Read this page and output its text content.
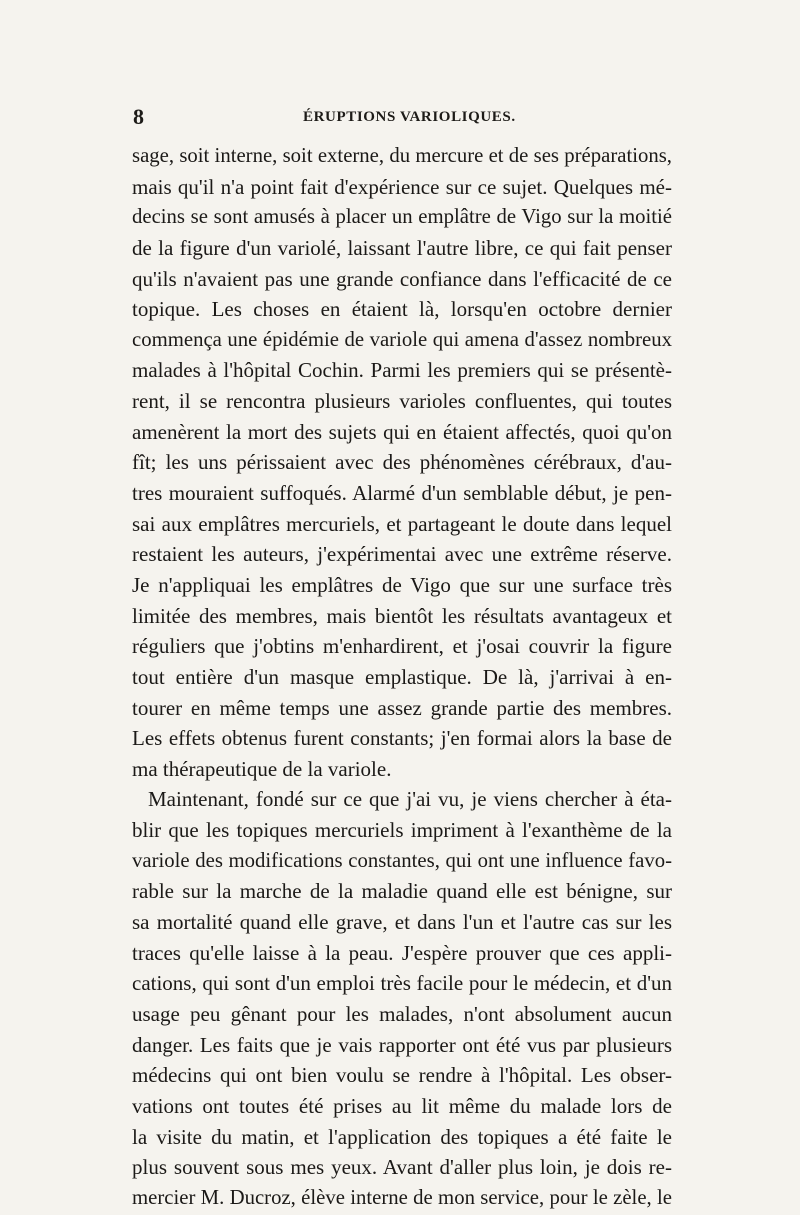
8	ÉRUPTIONS VARIOLIQUES.
sage, soit interne, soit externe, du mercure et de ses préparations,
mais qu'il n'a point fait d'expérience sur ce sujet. Quelques mé-
decins se sont amusés à placer un emplâtre de Vigo sur la moitié
de la figure d'un variolé, laissant l'autre libre, ce qui fait penser
qu'ils n'avaient pas une grande confiance dans l'efficacité de ce
topique. Les choses en étaient là, lorsqu'en octobre dernier
commença une épidémie de variole qui amena d'assez nombreux
malades à l'hôpital Cochin. Parmi les premiers qui se présentè-
rent, il se rencontra plusieurs varioles confluentes, qui toutes
amenèrent la mort des sujets qui en étaient affectés, quoi qu'on
fît; les uns périssaient avec des phénomènes cérébraux, d'au-
tres mouraient suffoqués. Alarmé d'un semblable début, je pen-
sai aux emplâtres mercuriels, et partageant le doute dans lequel
restaient les auteurs, j'expérimentai avec une extrême réserve.
Je n'appliquai les emplâtres de Vigo que sur une surface très
limitée des membres, mais bientôt les résultats avantageux et
réguliers que j'obtins m'enhardirent, et j'osai couvrir la figure
tout entière d'un masque emplastique. De là, j'arrivai à en-
tourer en même temps une assez grande partie des membres.
Les effets obtenus furent constants; j'en formai alors la base de
ma thérapeutique de la variole.
Maintenant, fondé sur ce que j'ai vu, je viens chercher à éta-
blir que les topiques mercuriels impriment à l'exanthème de la
variole des modifications constantes, qui ont une influence favo-
rable sur la marche de la maladie quand elle est bénigne, sur
sa mortalité quand elle grave, et dans l'un et l'autre cas sur les
traces qu'elle laisse à la peau. J'espère prouver que ces appli-
cations, qui sont d'un emploi très facile pour le médecin, et d'un
usage peu gênant pour les malades, n'ont absolument aucun
danger. Les faits que je vais rapporter ont été vus par plusieurs
médecins qui ont bien voulu se rendre à l'hôpital. Les obser-
vations ont toutes été prises au lit même du malade lors de
la visite du matin, et l'application des topiques a été faite le
plus souvent sous mes yeux. Avant d'aller plus loin, je dois re-
mercier M. Ducroz, élève interne de mon service, pour le zèle, le
